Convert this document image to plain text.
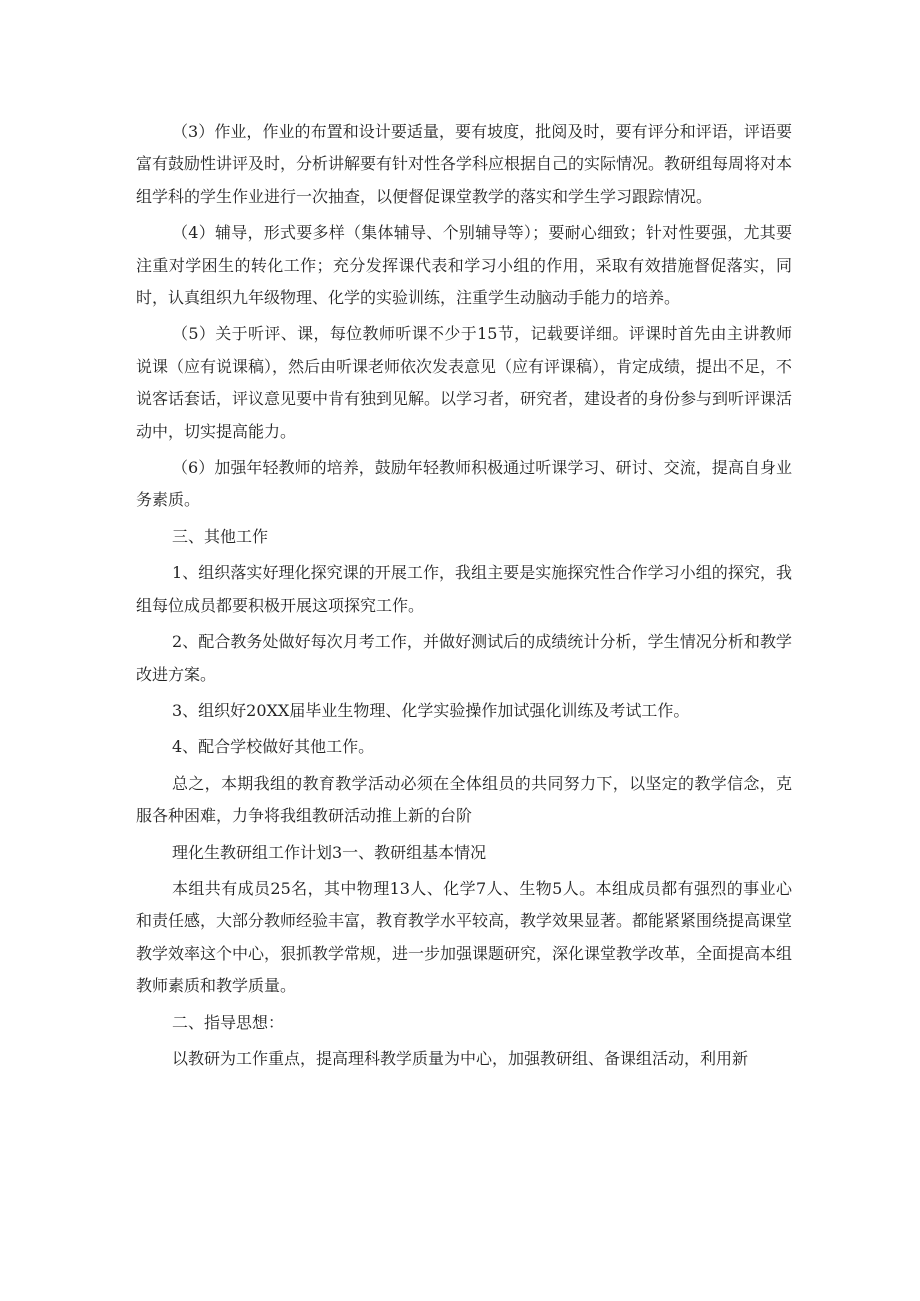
（3）作业，作业的布置和设计要适量，要有坡度，批阅及时，要有评分和评语，评语要富有鼓励性讲评及时，分析讲解要有针对性各学科应根据自己的实际情况。教研组每周将对本组学科的学生作业进行一次抽查，以便督促课堂教学的落实和学生学习跟踪情况。

（4）辅导，形式要多样（集体辅导、个别辅导等）；要耐心细致；针对性要强，尤其要注重对学困生的转化工作；充分发挥课代表和学习小组的作用，采取有效措施督促落实，同时，认真组织九年级物理、化学的实验训练，注重学生动脑动手能力的培养。

（5）关于听评、课，每位教师听课不少于15节，记载要详细。评课时首先由主讲教师说课（应有说课稿），然后由听课老师依次发表意见（应有评课稿），肯定成绩，提出不足，不说客话套话，评议意见要中肯有独到见解。以学习者，研究者，建设者的身份参与到听评课活动中，切实提高能力。

（6）加强年轻教师的培养，鼓励年轻教师积极通过听课学习、研讨、交流，提高自身业务素质。

三、其他工作

1、组织落实好理化探究课的开展工作，我组主要是实施探究性合作学习小组的探究，我组每位成员都要积极开展这项探究工作。

2、配合教务处做好每次月考工作，并做好测试后的成绩统计分析，学生情况分析和教学改进方案。

3、组织好20XX届毕业生物理、化学实验操作加试强化训练及考试工作。

4、配合学校做好其他工作。

总之，本期我组的教育教学活动必须在全体组员的共同努力下，以坚定的教学信念，克服各种困难，力争将我组教研活动推上新的台阶

理化生教研组工作计划3一、教研组基本情况

本组共有成员25名，其中物理13人、化学7人、生物5人。本组成员都有强烈的事业心和责任感，大部分教师经验丰富，教育教学水平较高，教学效果显著。都能紧紧围绕提高课堂教学效率这个中心，狠抓教学常规，进一步加强课题研究，深化课堂教学改革，全面提高本组教师素质和教学质量。

二、指导思想：

以教研为工作重点，提高理科教学质量为中心，加强教研组、备课组活动，利用新
